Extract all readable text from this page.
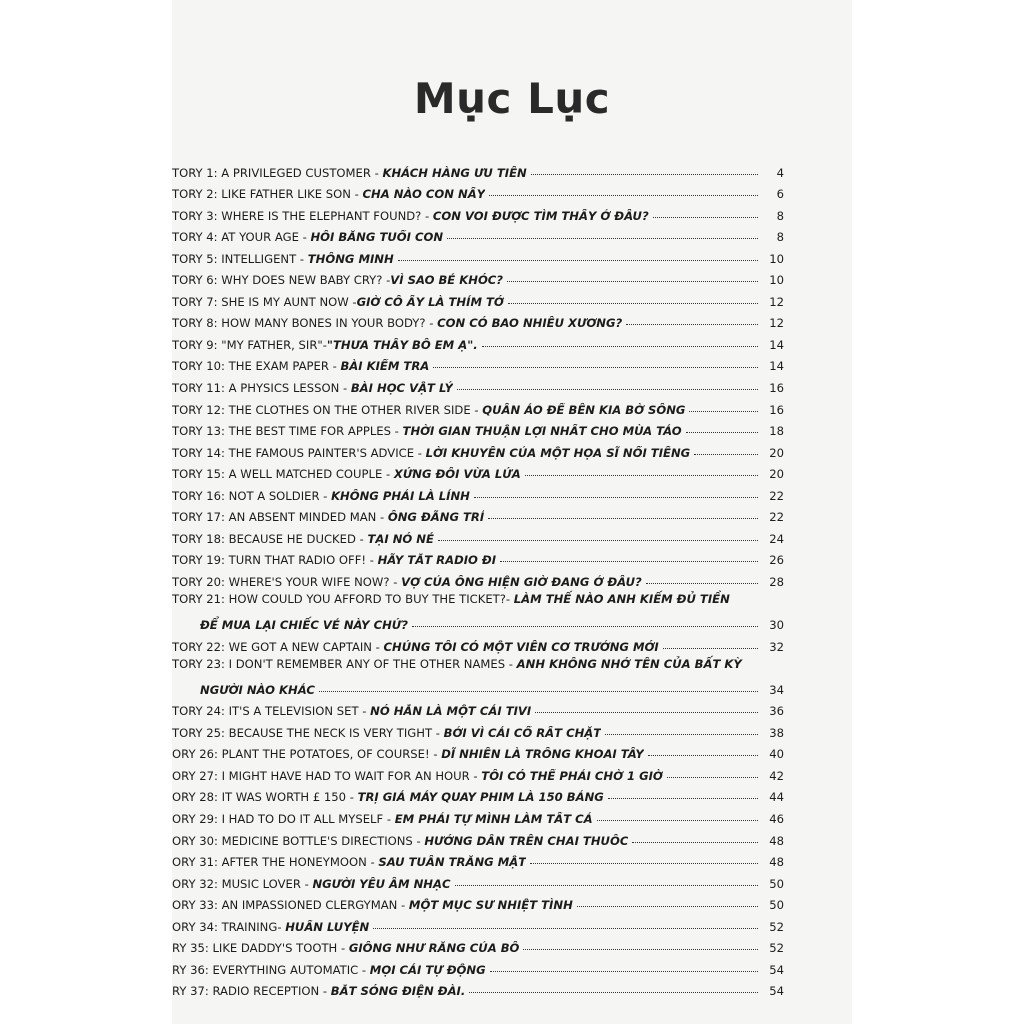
Mục Lục
TORY 1: A PRIVILEGED CUSTOMER - KHÁCH HÀNG ƯU TIÊN	4
TORY 2: LIKE FATHER LIKE SON - CHA NÀO CON NẤY	6
TORY 3: WHERE IS THE ELEPHANT FOUND? - CON VOI ĐƯỢC TÌM THẤY Ở ĐÂU?	8
TORY 4: AT YOUR AGE - HỒI BẰNG TUỔI CON	8
TORY 5: INTELLIGENT - THÔNG MINH	10
TORY 6: WHY DOES NEW BABY CRY? -VÌ SAO BÉ KHÓC?	10
TORY 7: SHE IS MY AUNT NOW -GIỜ CÔ ẤY LÀ THÍM TỚ	12
TORY 8: HOW MANY BONES IN YOUR BODY? - CON CÓ BAO NHIÊU XƯƠNG?	12
TORY 9: "MY FATHER, SIR"-"THƯA THẦY BỐ EM Ạ".	14
TORY 10: THE EXAM PAPER - BÀI KIỂM TRA	14
TORY 11: A PHYSICS LESSON - BÀI HỌC VẬT LÝ	16
TORY 12: THE CLOTHES ON THE OTHER RIVER SIDE - QUẦN ÁO ĐỂ BÊN KIA BỜ SÔNG	16
TORY 13: THE BEST TIME FOR APPLES - THỜI GIAN THUẬN LỢI NHẤT CHO MÙA TÁO	18
TORY 14: THE FAMOUS PAINTER'S ADVICE - LỜI KHUYÊN CỦA MỘT HỌA SĨ NỔI TIẾNG	20
TORY 15: A WELL MATCHED COUPLE - XỨNG ĐÔI VỪA LỨA	20
TORY 16: NOT A SOLDIER - KHÔNG PHẢI LÀ LÍNH	22
TORY 17: AN ABSENT MINDED MAN - ÔNG ĐÃNG TRÍ	22
TORY 18: BECAUSE HE DUCKED - TẠI NÓ NÉ	24
TORY 19: TURN THAT RADIO OFF! - HÃY TẮT RADIO ĐI	26
TORY 20: WHERE'S YOUR WIFE NOW? - VỢ CỦA ÔNG HIỆN GIỜ ĐANG Ở ĐÂU?	28
TORY 21: HOW COULD YOU AFFORD TO BUY THE TICKET?- LÀM THẾ NÀO ANH KIẾM ĐỦ TIỀN
ĐỂ MUA LẠI CHIẾC VÉ NÀY CHỨ?	30
TORY 22: WE GOT A NEW CAPTAIN - CHÚNG TÔI CÓ MỘT VIÊN CƠ TRƯỞNG MỚI	32
TORY 23: I DON'T REMEMBER ANY OF THE OTHER NAMES - ANH KHÔNG NHỚ TÊN CỦA BẤT KỲ
NGƯỜI NÀO KHÁC	34
TORY 24: IT'S A TELEVISION SET - NÓ HẲN LÀ MỘT CÁI TIVI	36
TORY 25: BECAUSE THE NECK IS VERY TIGHT - BỞI VÌ CÁI CỔ RẤT CHẶT	38
ORY 26: PLANT THE POTATOES, OF COURSE! - DĨ NHIÊN LÀ TRỒNG KHOAI TÂY	40
ORY 27: I MIGHT HAVE HAD TO WAIT FOR AN HOUR - TÔI CÓ THỂ PHẢI CHỜ 1 GIỜ	42
ORY 28: IT WAS WORTH £ 150 - TRỊ GIÁ MÁY QUAY PHIM LÀ 150 BẢNG	44
ORY 29: I HAD TO DO IT ALL MYSELF - EM PHẢI TỰ MÌNH LÀM TẤT CẢ	46
ORY 30: MEDICINE BOTTLE'S DIRECTIONS - HƯỚNG DẪN TRÊN CHAI THUỐC	48
ORY 31: AFTER THE HONEYMOON - SAU TUẦN TRĂNG MẬT	48
ORY 32: MUSIC LOVER - NGƯỜI YÊU ÂM NHẠC	50
ORY 33: AN IMPASSIONED CLERGYMAN - MỘT MỤC SƯ NHIỆT TÌNH	50
ORY 34: TRAINING- HUẤN LUYỆN	52
RY 35: LIKE DADDY'S TOOTH - GIỐNG NHƯ RĂNG CỦA BỐ	52
RY 36: EVERYTHING AUTOMATIC - MỌI CÁI TỰ ĐỘNG	54
RY 37: RADIO RECEPTION - BẮT SÓNG ĐIỆN ĐÀI.	54
